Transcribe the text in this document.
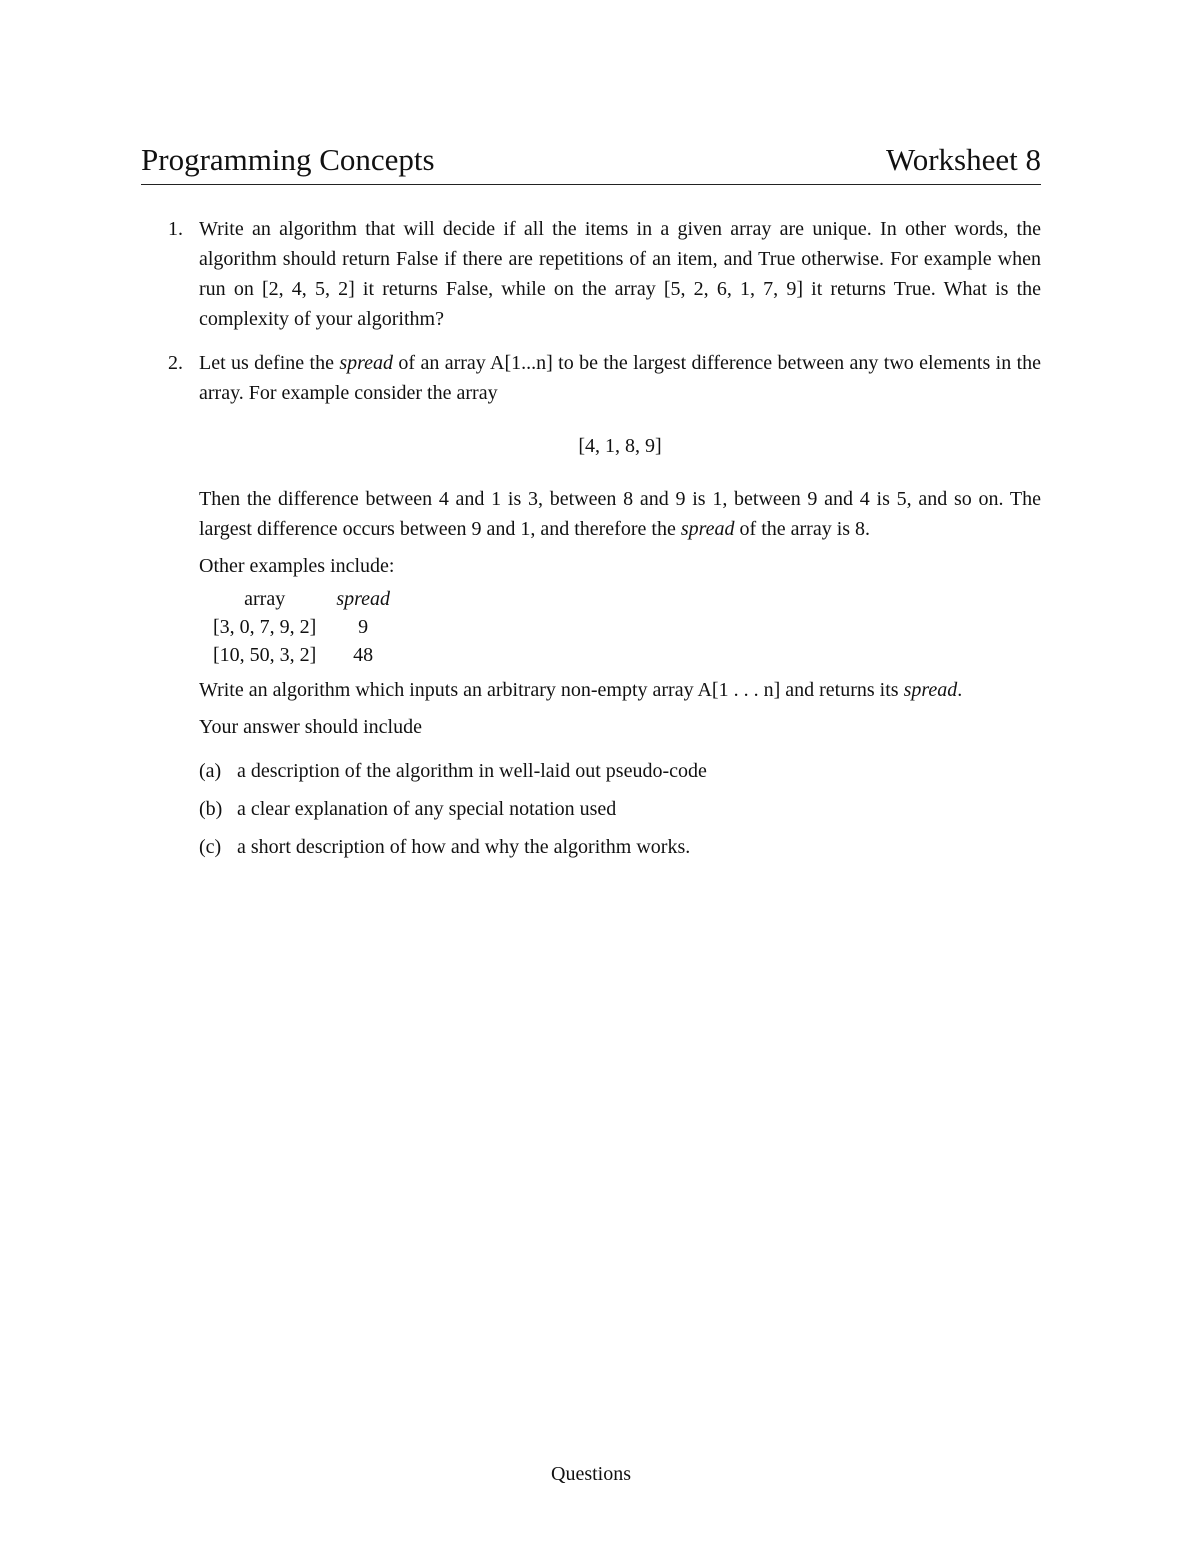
Programming Concepts	Worksheet 8
1. Write an algorithm that will decide if all the items in a given array are unique. In other words, the algorithm should return False if there are repetitions of an item, and True otherwise. For example when run on [2, 4, 5, 2] it returns False, while on the array [5, 2, 6, 1, 7, 9] it returns True. What is the complexity of your algorithm?
2. Let us define the spread of an array A[1...n] to be the largest difference between any two elements in the array. For example consider the array
[4, 1, 8, 9]
Then the difference between 4 and 1 is 3, between 8 and 9 is 1, between 9 and 4 is 5, and so on. The largest difference occurs between 9 and 1, and therefore the spread of the array is 8.
Other examples include:
array	spread
[3, 0, 7, 9, 2]	9
[10, 50, 3, 2]	48
Write an algorithm which inputs an arbitrary non-empty array A[1 . . . n] and returns its spread.
Your answer should include
(a) a description of the algorithm in well-laid out pseudo-code
(b) a clear explanation of any special notation used
(c) a short description of how and why the algorithm works.
Questions
